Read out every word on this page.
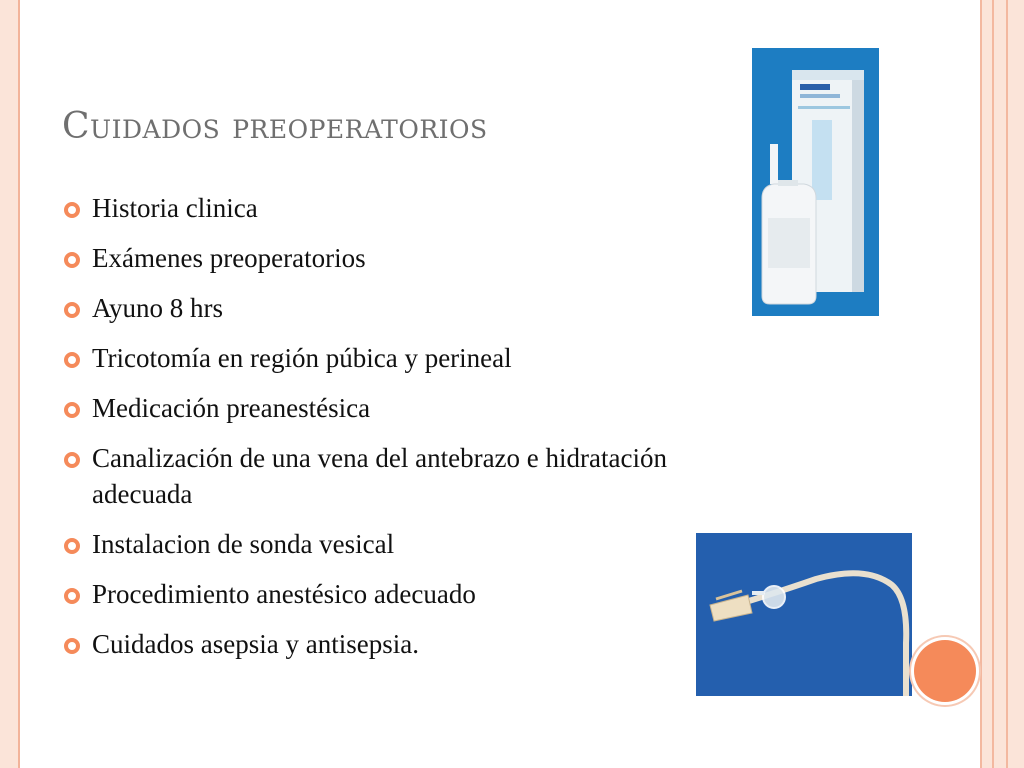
Cuidados preoperatorios
Historia clinica
Exámenes preoperatorios
Ayuno 8 hrs
Tricotomía en región púbica y perineal
Medicación preanestésica
Canalización de una vena del antebrazo e hidratación adecuada
Instalacion de sonda vesical
Procedimiento anestésico adecuado
Cuidados asepsia y antisepsia.
